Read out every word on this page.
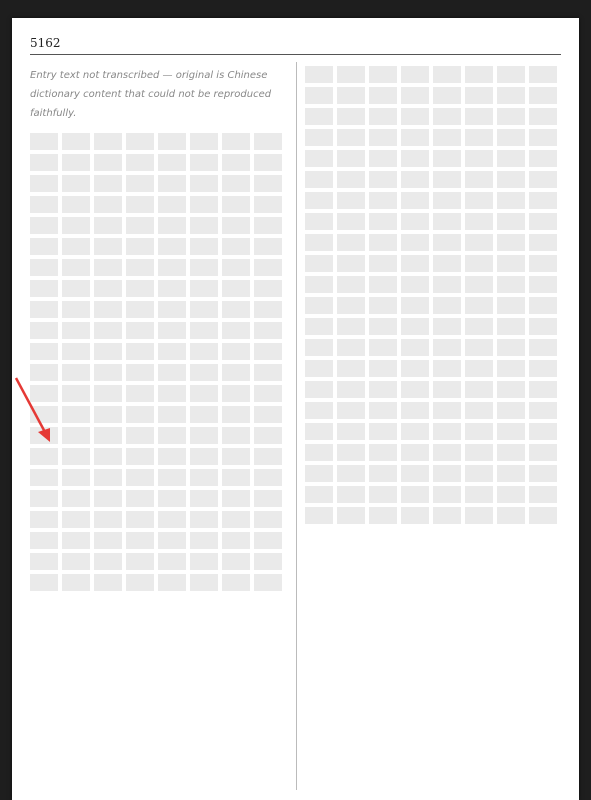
5162
Entry text not transcribed — original is Chinese dictionary content that could not be reproduced faithfully.
